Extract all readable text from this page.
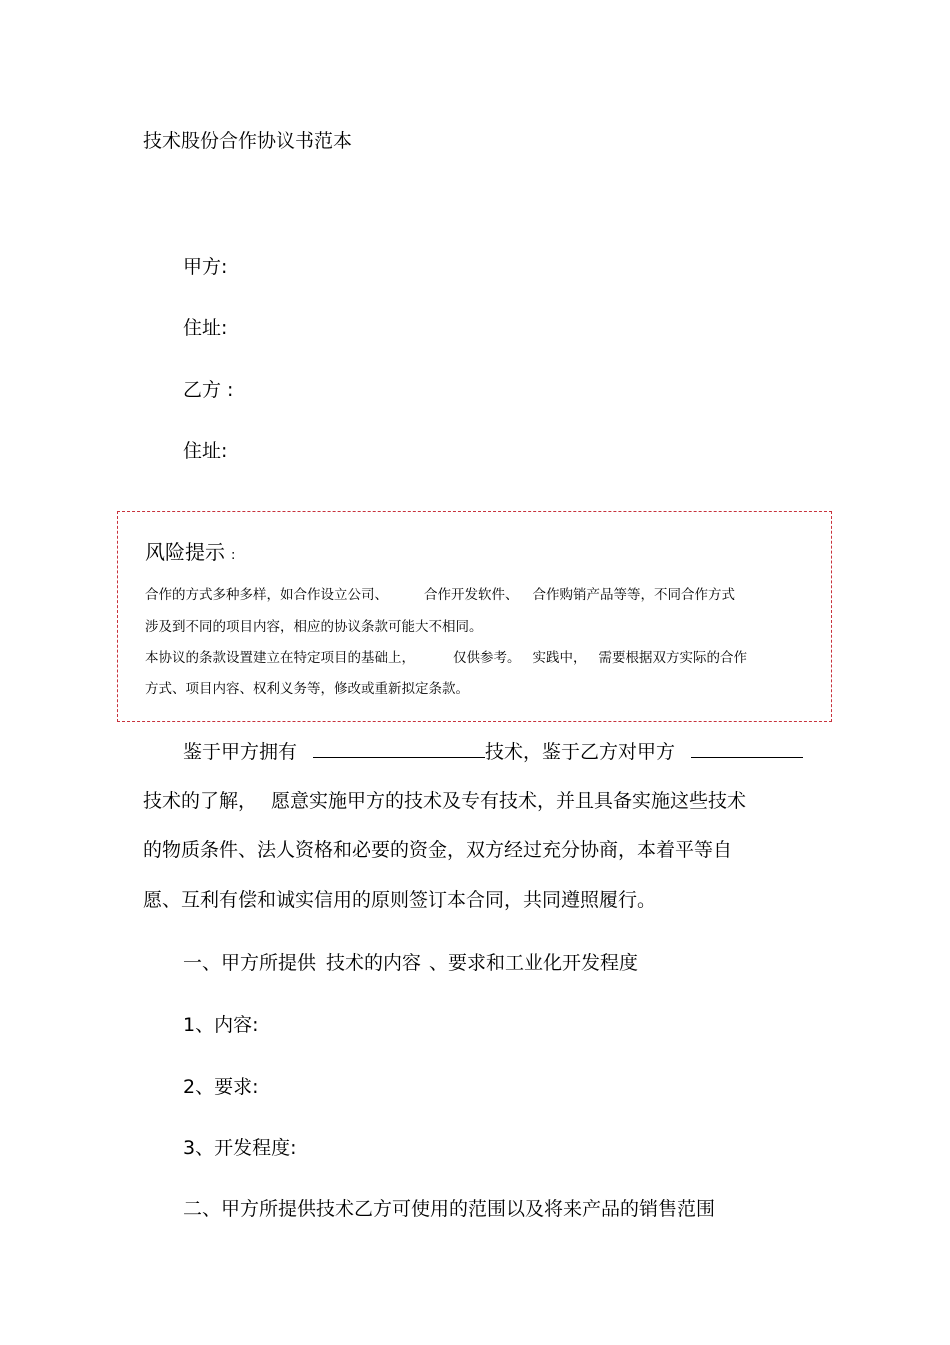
技术股份合作协议书范本
甲方:
住址:
乙方 :
住址:
风险提示 :
合作的方式多种多样，如合作设立公司、	合作开发软件、 合作购销产品等等，不同合作方式
涉及到不同的项目内容，相应的协议条款可能大不相同。
本协议的条款设置建立在特定项目的基础上，	仅供参考。 实践中， 需要根据双方实际的合作
方式、项目内容、权利义务等，修改或重新拟定条款。
鉴于甲方拥有	技术，鉴于乙方对甲方
技术的了解， 愿意实施甲方的技术及专有技术，并且具备实施这些技术
的物质条件、法人资格和必要的资金，双方经过充分协商，本着平等自
愿、互利有偿和诚实信用的原则签订本合同，共同遵照履行。
一、甲方所提供 技术的内容 、要求和工业化开发程度
1、内容:
2、要求:
3、开发程度:
二、甲方所提供技术乙方可使用的范围以及将来产品的销售范围
